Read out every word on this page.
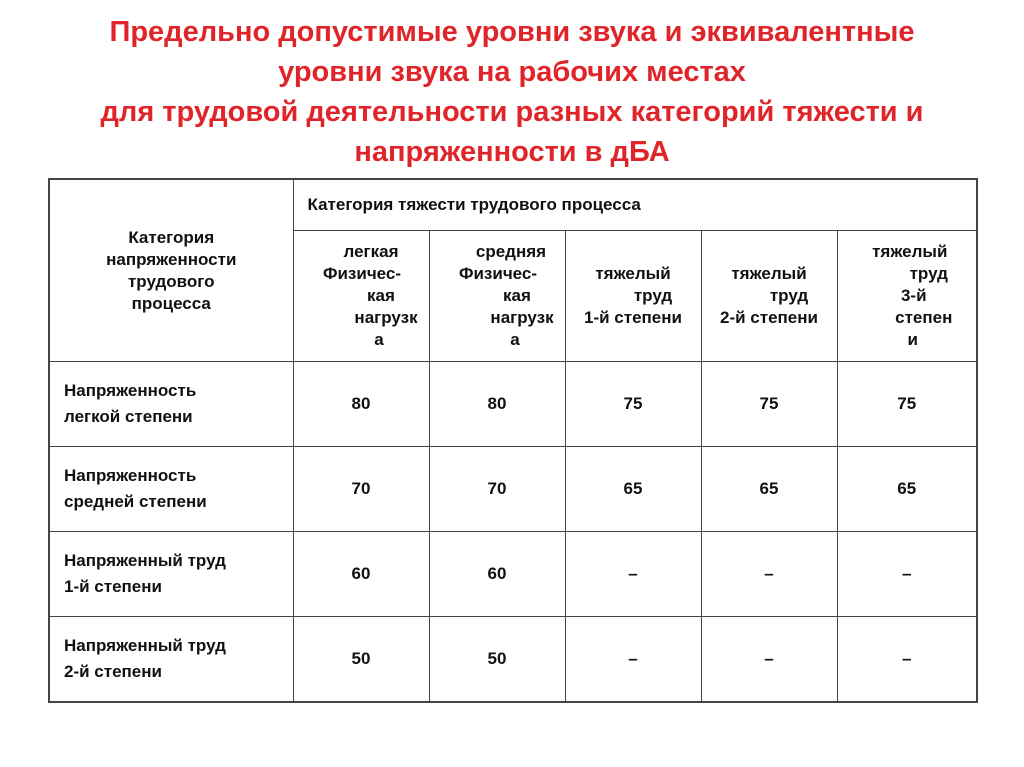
Предельно допустимые уровни звука и эквивалентные
уровни звука на рабочих местах
для трудовой деятельности разных категорий тяжести и
напряженности в дБА
Категория
напряженности
трудового
процесса	Категория тяжести трудового процесса				

	легкая
Физичес-
кая
нагрузк
а	средняя
Физичес-
кая
нагрузк
а	тяжелый
труд
1-й степени	тяжелый
труд
2-й степени	тяжелый
труд
3-й
степен
и

Напряженность
легкой степени	80	80	75	75	75
Напряженность
средней степени	70	70	65	65	65
Напряженный труд
1-й степени	60	60	–	–	–
Напряженный труд
2-й степени	50	50	–	–	–
